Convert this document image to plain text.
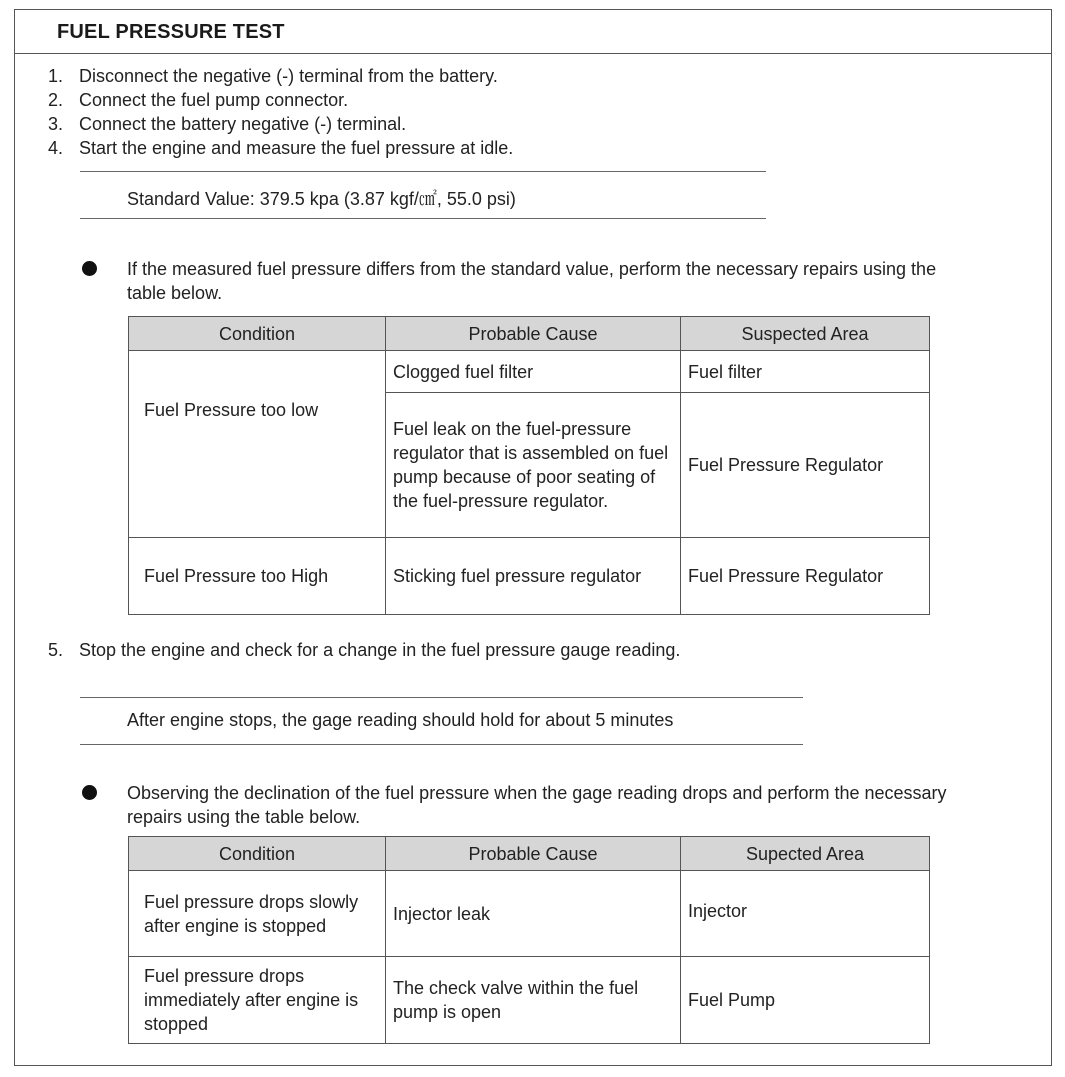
FUEL PRESSURE TEST
1. Disconnect the negative (-) terminal from the battery.
2. Connect the fuel pump connector.
3. Connect the battery negative (-) terminal.
4. Start the engine and measure the fuel pressure at idle.
Standard Value: 379.5 kpa (3.87 kgf/㎠, 55.0 psi)
If the measured fuel pressure differs from the standard value, perform the necessary repairs using the table below.
Condition	Probable Cause	Suspected Area
Fuel Pressure too low	Clogged fuel filter	Fuel filter
	Fuel leak on the fuel-pressure regulator that is assembled on fuel pump because of poor seating of the fuel-pressure regulator.	Fuel Pressure Regulator
Fuel Pressure too High	Sticking fuel pressure regulator	Fuel Pressure Regulator
5. Stop the engine and check for a change in the fuel pressure gauge reading.
After engine stops, the gage reading should hold for about 5 minutes
Observing the declination of the fuel pressure when the gage reading drops and perform the necessary repairs using the table below.
Condition	Probable Cause	Supected Area
Fuel pressure drops slowly after engine is stopped	Injector leak	Injector
Fuel pressure drops immediately after engine is stopped	The check valve within the fuel pump is open	Fuel Pump
